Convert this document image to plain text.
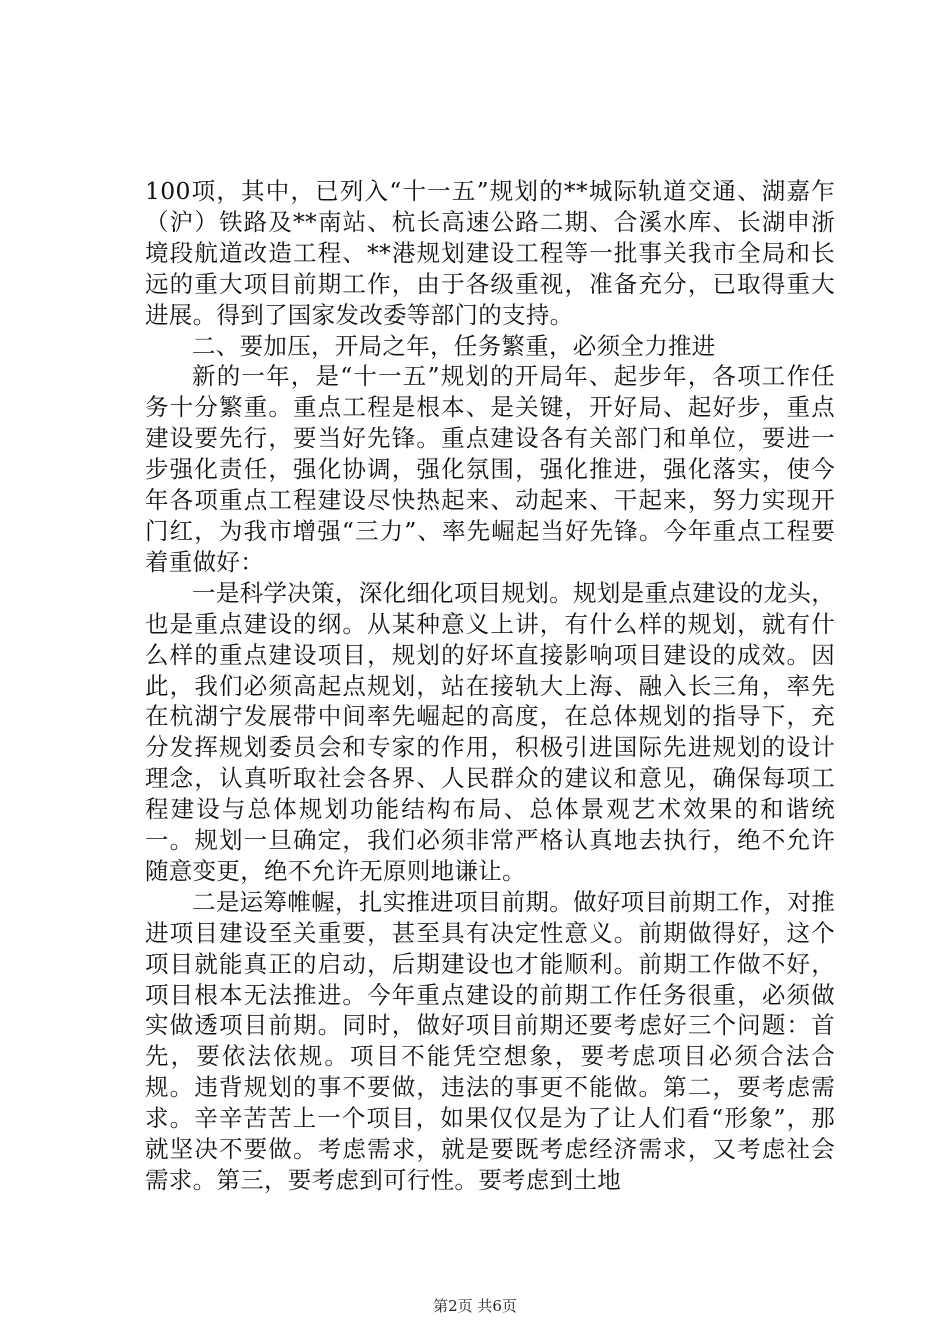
100项，其中，已列入“十一五”规划的**城际轨道交通、湖嘉乍（沪）铁路及**南站、杭长高速公路二期、合溪水库、长湖申浙境段航道改造工程、**港规划建设工程等一批事关我市全局和长远的重大项目前期工作，由于各级重视，准备充分，已取得重大进展。得到了国家发改委等部门的支持。

二、要加压，开局之年，任务繁重，必须全力推进

新的一年，是“十一五”规划的开局年、起步年，各项工作任务十分繁重。重点工程是根本、是关键，开好局、起好步，重点建设要先行，要当好先锋。重点建设各有关部门和单位，要进一步强化责任，强化协调，强化氛围，强化推进，强化落实，使今年各项重点工程建设尽快热起来、动起来、干起来，努力实现开门红，为我市增强“三力”、率先崛起当好先锋。今年重点工程要着重做好：

一是科学决策，深化细化项目规划。规划是重点建设的龙头，也是重点建设的纲。从某种意义上讲，有什么样的规划，就有什么样的重点建设项目，规划的好坏直接影响项目建设的成效。因此，我们必须高起点规划，站在接轨大上海、融入长三角，率先在杭湖宁发展带中间率先崛起的高度，在总体规划的指导下，充分发挥规划委员会和专家的作用，积极引进国际先进规划的设计理念，认真听取社会各界、人民群众的建议和意见，确保每项工程建设与总体规划功能结构布局、总体景观艺术效果的和谐统一。规划一旦确定，我们必须非常严格认真地去执行，绝不允许随意变更，绝不允许无原则地谦让。

二是运筹帷幄，扎实推进项目前期。做好项目前期工作，对推进项目建设至关重要，甚至具有决定性意义。前期做得好，这个项目就能真正的启动，后期建设也才能顺利。前期工作做不好，项目根本无法推进。今年重点建设的前期工作任务很重，必须做实做透项目前期。同时，做好项目前期还要考虑好三个问题：首先，要依法依规。项目不能凭空想象，要考虑项目必须合法合规。违背规划的事不要做，违法的事更不能做。第二，要考虑需求。辛辛苦苦上一个项目，如果仅仅是为了让人们看“形象”，那就坚决不要做。考虑需求，就是要既考虑经济需求，又考虑社会需求。第三，要考虑到可行性。要考虑到土地

第2页 共6页
